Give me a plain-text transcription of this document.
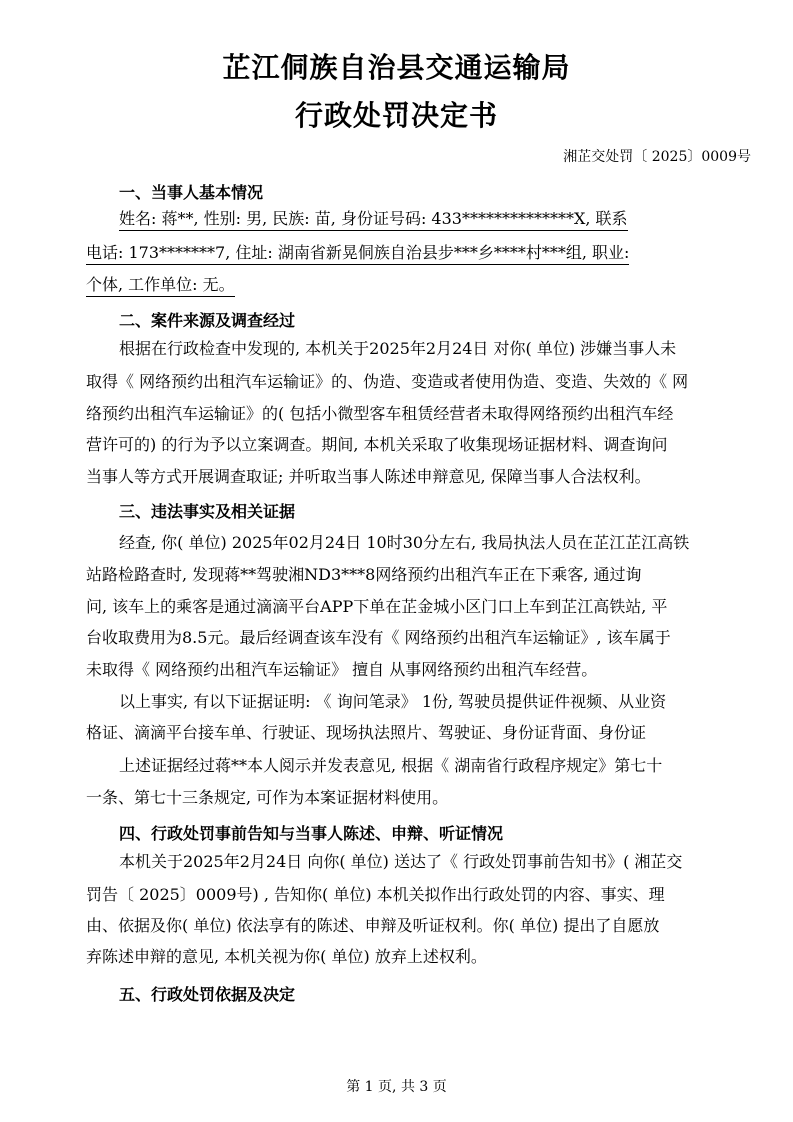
芷江侗族自治县交通运输局
行政处罚决定书
湘芷交处罚〔 2025〕0009号
一、当事人基本情况
姓名: 蒋**, 性别: 男, 民族: 苗, 身份证号码: 433**************X, 联系
电话: 173*******7, 住址: 湖南省新晃侗族自治县步***乡****村***组, 职业:
个体, 工作单位: 无。
二、案件来源及调查经过
根据在行政检查中发现的, 本机关于2025年2月24日 对你( 单位) 涉嫌当事人未
取得《 网络预约出租汽车运输证》的、伪造、变造或者使用伪造、变造、失效的《 网
络预约出租汽车运输证》的( 包括小微型客车租赁经营者未取得网络预约出租汽车经
营许可的) 的行为予以立案调查。期间, 本机关采取了收集现场证据材料、调查询问
当事人等方式开展调查取证; 并听取当事人陈述申辩意见, 保障当事人合法权利。
三、违法事实及相关证据
经查, 你( 单位) 2025年02月24日 10时30分左右, 我局执法人员在芷江芷江高铁
站路检路查时, 发现蒋**驾驶湘ND3***8网络预约出租汽车正在下乘客, 通过询
问, 该车上的乘客是通过滴滴平台APP下单在芷金城小区门口上车到芷江高铁站, 平
台收取费用为8.5元。最后经调查该车没有《 网络预约出租汽车运输证》, 该车属于
未取得《 网络预约出租汽车运输证》 擅自 从事网络预约出租汽车经营。
以上事实, 有以下证据证明: 《 询问笔录》 1份, 驾驶员提供证件视频、从业资
格证、滴滴平台接车单、行驶证、现场执法照片、驾驶证、身份证背面、身份证
上述证据经过蒋**本人阅示并发表意见, 根据《 湖南省行政程序规定》第七十
一条、第七十三条规定, 可作为本案证据材料使用。
四、行政处罚事前告知与当事人陈述、申辩、听证情况
本机关于2025年2月24日 向你( 单位) 送达了《 行政处罚事前告知书》( 湘芷交
罚告〔 2025〕0009号) , 告知你( 单位) 本机关拟作出行政处罚的内容、事实、理
由、依据及你( 单位) 依法享有的陈述、申辩及听证权利。你( 单位) 提出了自愿放
弃陈述申辩的意见, 本机关视为你( 单位) 放弃上述权利。
五、行政处罚依据及决定
第 1 页, 共 3 页
